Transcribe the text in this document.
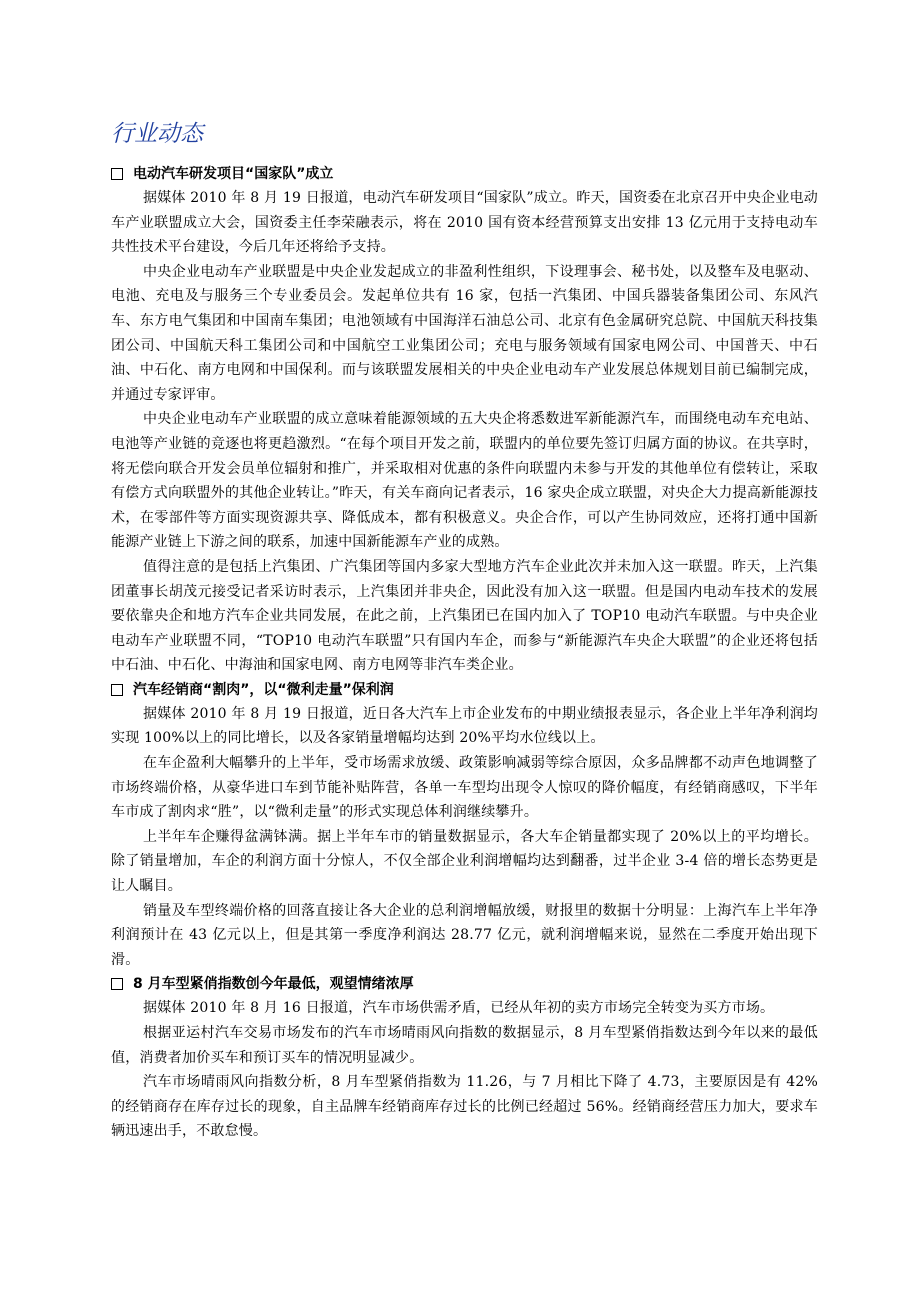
行业动态
电动汽车研发项目“国家队”成立

据媒体 2010 年 8 月 19 日报道，电动汽车研发项目“国家队”成立。昨天，国资委在北京召开中央企业电动车产业联盟成立大会，国资委主任李荣融表示，将在 2010 国有资本经营预算支出安排 13 亿元用于支持电动车共性技术平台建设，今后几年还将给予支持。

中央企业电动车产业联盟是中央企业发起成立的非盈利性组织，下设理事会、秘书处，以及整车及电驱动、电池、充电及与服务三个专业委员会。发起单位共有 16 家，包括一汽集团、中国兵器装备集团公司、东风汽车、东方电气集团和中国南车集团；电池领域有中国海洋石油总公司、北京有色金属研究总院、中国航天科技集团公司、中国航天科工集团公司和中国航空工业集团公司；充电与服务领域有国家电网公司、中国普天、中石油、中石化、南方电网和中国保利。而与该联盟发展相关的中央企业电动车产业发展总体规划目前已编制完成，并通过专家评审。

中央企业电动车产业联盟的成立意味着能源领域的五大央企将悉数进军新能源汽车，而围绕电动车充电站、电池等产业链的竞逐也将更趋激烈。“在每个项目开发之前，联盟内的单位要先签订归属方面的协议。在共享时，将无偿向联合开发会员单位辐射和推广，并采取相对优惠的条件向联盟内未参与开发的其他单位有偿转让，采取有偿方式向联盟外的其他企业转让。”昨天，有关车商向记者表示，16 家央企成立联盟，对央企大力提高新能源技术，在零部件等方面实现资源共享、降低成本，都有积极意义。央企合作，可以产生协同效应，还将打通中国新能源产业链上下游之间的联系，加速中国新能源车产业的成熟。

值得注意的是包括上汽集团、广汽集团等国内多家大型地方汽车企业此次并未加入这一联盟。昨天，上汽集团董事长胡茂元接受记者采访时表示，上汽集团并非央企，因此没有加入这一联盟。但是国内电动车技术的发展要依靠央企和地方汽车企业共同发展，在此之前，上汽集团已在国内加入了 TOP10 电动汽车联盟。与中央企业电动车产业联盟不同，“TOP10 电动汽车联盟”只有国内车企，而参与“新能源汽车央企大联盟”的企业还将包括中石油、中石化、中海油和国家电网、南方电网等非汽车类企业。

汽车经销商“割肉”，以“微利走量”保利润

据媒体 2010 年 8 月 19 日报道，近日各大汽车上市企业发布的中期业绩报表显示，各企业上半年净利润均实现 100%以上的同比增长，以及各家销量增幅均达到 20%平均水位线以上。

在车企盈利大幅攀升的上半年，受市场需求放缓、政策影响减弱等综合原因，众多品牌都不动声色地调整了市场终端价格，从豪华进口车到节能补贴阵营，各单一车型均出现令人惊叹的降价幅度，有经销商感叹，下半年车市成了割肉求“胜”，以“微利走量”的形式实现总体利润继续攀升。

上半年车企赚得盆满钵满。据上半年车市的销量数据显示，各大车企销量都实现了 20%以上的平均增长。除了销量增加，车企的利润方面十分惊人，不仅全部企业利润增幅均达到翻番，过半企业 3-4 倍的增长态势更是让人瞩目。

销量及车型终端价格的回落直接让各大企业的总利润增幅放缓，财报里的数据十分明显：上海汽车上半年净利润预计在 43 亿元以上，但是其第一季度净利润达 28.77 亿元，就利润增幅来说，显然在二季度开始出现下滑。

8 月车型紧俏指数创今年最低，观望情绪浓厚

据媒体 2010 年 8 月 16 日报道，汽车市场供需矛盾，已经从年初的卖方市场完全转变为买方市场。

根据亚运村汽车交易市场发布的汽车市场晴雨风向指数的数据显示，8 月车型紧俏指数达到今年以来的最低值，消费者加价买车和预订买车的情况明显减少。

汽车市场晴雨风向指数分析，8 月车型紧俏指数为 11.26，与 7 月相比下降了 4.73，主要原因是有 42%的经销商存在库存过长的现象，自主品牌车经销商库存过长的比例已经超过 56%。经销商经营压力加大，要求车辆迅速出手，不敢怠慢。
